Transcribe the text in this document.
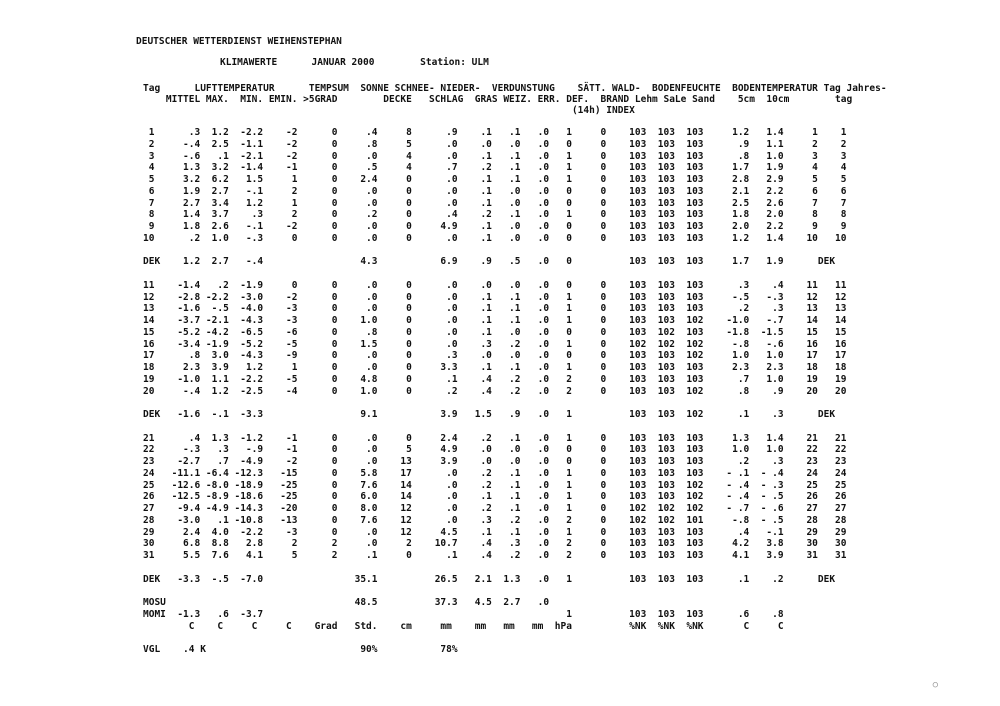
DEUTSCHER WETTERDIENST WEIHENSTEPHAN
KLIMAWERTE      JANUAR 2000        Station: ULM
Tag      LUFTTEMPERATUR      TEMPSUM  SONNE SCHNEE- NIEDER-  VERDUNSTUNG    SÄTT. WALD-  BODENFEUCHTE  BODENTEMPERATUR Tag Jahres-
MITTEL MAX.  MIN. EMIN. >5GRAD        DECKE   SCHLAG  GRAS WEIZ. ERR. DEF.  BRAND Lehm SaLe Sand    5cm  10cm        tag
(14h) INDEX
1      .3  1.2  -2.2    -2      0     .4     8      .9    .1   .1   .0   1     0    103  103  103     1.2   1.4     1    1
2     -.4  2.5  -1.1    -2      0     .8     5      .0    .0   .0   .0   0     0    103  103  103      .9   1.1     2    2
3     -.6   .1  -2.1    -2      0     .0     4      .0    .1   .1   .0   1     0    103  103  103      .8   1.0     3    3
4     1.3  3.2  -1.4    -1      0     .5     4      .7    .2   .1   .0   1     0    103  103  103     1.7   1.9     4    4
5     3.2  6.2   1.5     1      0    2.4     0      .0    .1   .1   .0   1     0    103  103  103     2.8   2.9     5    5
6     1.9  2.7   -.1     2      0     .0     0      .0    .1   .0   .0   0     0    103  103  103     2.1   2.2     6    6
7     2.7  3.4   1.2     1      0     .0     0      .0    .1   .0   .0   0     0    103  103  103     2.5   2.6     7    7
8     1.4  3.7    .3     2      0     .2     0      .4    .2   .1   .0   1     0    103  103  103     1.8   2.0     8    8
9     1.8  2.6   -.1    -2      0     .0     0     4.9    .1   .0   .0   0     0    103  103  103     2.0   2.2     9    9
10      .2  1.0   -.3     0      0     .0     0      .0    .1   .0   .0   0     0    103  103  103     1.2   1.4    10   10
DEK    1.2  2.7   -.4                 4.3           6.9    .9   .5   .0   0          103  103  103     1.7   1.9      DEK
11    -1.4   .2  -1.9     0      0     .0     0      .0    .0   .0   .0   0     0    103  103  103      .3    .4    11   11
12    -2.8 -2.2  -3.0    -2      0     .0     0      .0    .1   .1   .0   1     0    103  103  103     -.5   -.3    12   12
13    -1.6  -.5  -4.0    -3      0     .0     0      .0    .1   .1   .0   1     0    103  103  103      .2    .3    13   13
14    -3.7 -2.1  -4.3    -3      0    1.0     0      .0    .1   .1   .0   1     0    103  103  102    -1.0   -.7    14   14
15    -5.2 -4.2  -6.5    -6      0     .8     0      .0    .1   .0   .0   0     0    103  102  103    -1.8  -1.5    15   15
16    -3.4 -1.9  -5.2    -5      0    1.5     0      .0    .3   .2   .0   1     0    102  102  102     -.8   -.6    16   16
17      .8  3.0  -4.3    -9      0     .0     0      .3    .0   .0   .0   0     0    103  103  102     1.0   1.0    17   17
18     2.3  3.9   1.2     1      0     .0     0     3.3    .1   .1   .0   1     0    103  103  103     2.3   2.3    18   18
19    -1.0  1.1  -2.2    -5      0    4.8     0      .1    .4   .2   .0   2     0    103  103  103      .7   1.0    19   19
20     -.4  1.2  -2.5    -4      0    1.0     0      .2    .4   .2   .0   2     0    103  103  102      .8    .9    20   20
DEK   -1.6  -.1  -3.3                 9.1           3.9   1.5   .9   .0   1          103  103  102      .1    .3      DEK
21      .4  1.3  -1.2    -1      0     .0     0     2.4    .2   .1   .0   1     0    103  103  103     1.3   1.4    21   21
22     -.3   .3   -.9    -1      0     .0     5     4.9    .0   .0   .0   0     0    103  103  103     1.0   1.0    22   22
23    -2.7   .7  -4.9    -2      0     .0    13     3.9    .0   .0   .0   0     0    103  103  103      .2    .3    23   23
24   -11.1 -6.4 -12.3   -15      0    5.8    17      .0    .2   .1   .0   1     0    103  103  103    - .1  - .4    24   24
25   -12.6 -8.0 -18.9   -25      0    7.6    14      .0    .2   .1   .0   1     0    103  103  102    - .4  - .3    25   25
26   -12.5 -8.9 -18.6   -25      0    6.0    14      .0    .1   .1   .0   1     0    103  103  102    - .4  - .5    26   26
27    -9.4 -4.9 -14.3   -20      0    8.0    12      .0    .2   .1   .0   1     0    102  102  102    - .7  - .6    27   27
28    -3.0   .1 -10.8   -13      0    7.6    12      .0    .3   .2   .0   2     0    102  102  101     -.8  - .5    28   28
29     2.4  4.0  -2.2    -3      0     .0    12     4.5    .1   .1   .0   1     0    103  103  103      .4   -.1    29   29
30     6.8  8.8   2.8     2      2     .0     2    10.7    .4   .3   .0   2     0    103  103  103     4.2   3.8    30   30
31     5.5  7.6   4.1     5      2     .1     0      .1    .4   .2   .0   2     0    103  103  103     4.1   3.9    31   31
DEK   -3.3  -.5  -7.0                35.1          26.5   2.1  1.3   .0   1          103  103  103      .1    .2      DEK
MOSU                                 48.5          37.3   4.5  2.7   .0
MOMI  -1.3   .6  -3.7                                                     1          103  103  103      .6    .8
C    C     C     C    Grad   Std.    cm     mm    mm   mm   mm  hPa          %NK  %NK  %NK       C     C
VGL    .4 K                           90%           78%
○
